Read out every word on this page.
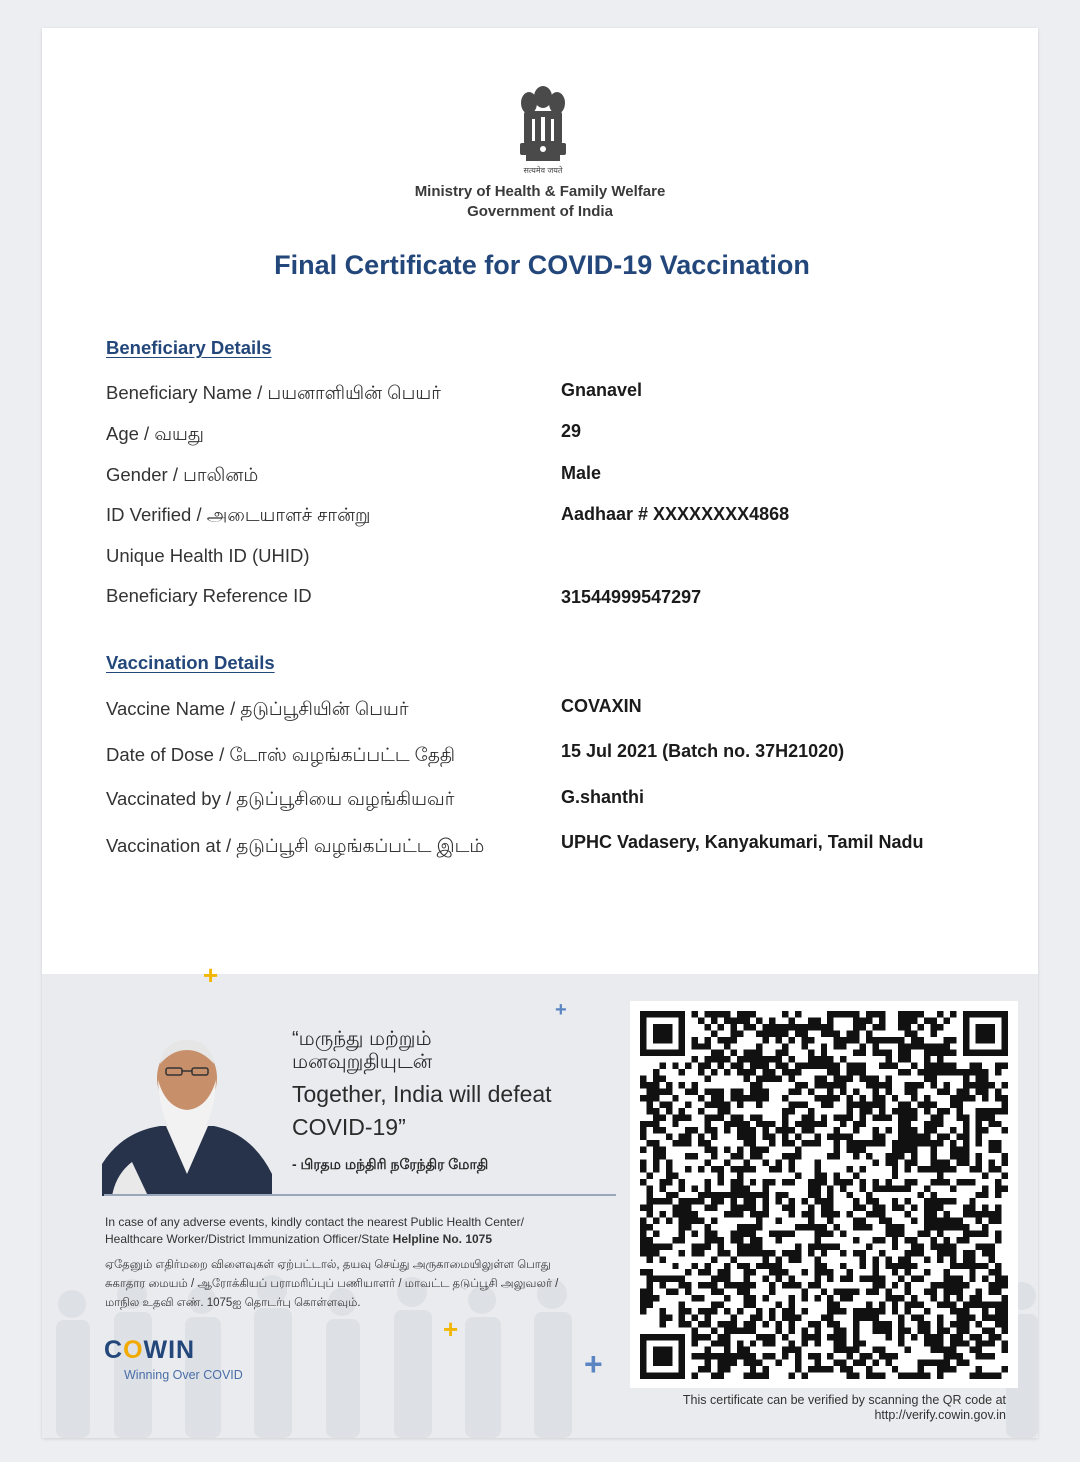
सत्यमेव जयते
Ministry of Health & Family Welfare
Government of India
Final Certificate for COVID-19 Vaccination
Beneficiary Details
Beneficiary Name / பயனாளியின் பெயர்	Gnanavel
Age / வயது	29
Gender / பாலினம்	Male
ID Verified / அடையாளச் சான்று	Aadhaar # XXXXXXXX4868
Unique Health ID (UHID)
Beneficiary Reference ID	31544999547297
Vaccination Details
Vaccine Name / தடுப்பூசியின் பெயர்	COVAXIN
Date of Dose / டோஸ் வழங்கப்பட்ட தேதி	15 Jul 2021 (Batch no. 37H21020)
Vaccinated by / தடுப்பூசியை வழங்கியவர்	G.shanthi
Vaccination at / தடுப்பூசி வழங்கப்பட்ட இடம்	UPHC Vadasery, Kanyakumari, Tamil Nadu
+
+
+
+
“மருந்து மற்றும்
மனவுறுதியுடன்
Together, India will defeat
COVID-19”
- பிரதம மந்திரி நரேந்திர மோதி
In case of any adverse events, kindly contact the nearest Public Health Center/
Healthcare Worker/District Immunization Officer/State Helpline No. 1075
ஏதேனும் எதிர்மறை விளைவுகள் ஏற்பட்டால், தயவு செய்து அருகாமையிலுள்ள பொது
சுகாதார மையம் / ஆரோக்கியப் பராமரிப்புப் பணியாளர் / மாவட்ட தடுப்பூசி அலுவலர் /
மாநில உதவி எண். 1075ஐ தொடர்பு கொள்ளவும்.
COWIN
Winning Over COVID
This certificate can be verified by scanning the QR code at
http://verify.cowin.gov.in
